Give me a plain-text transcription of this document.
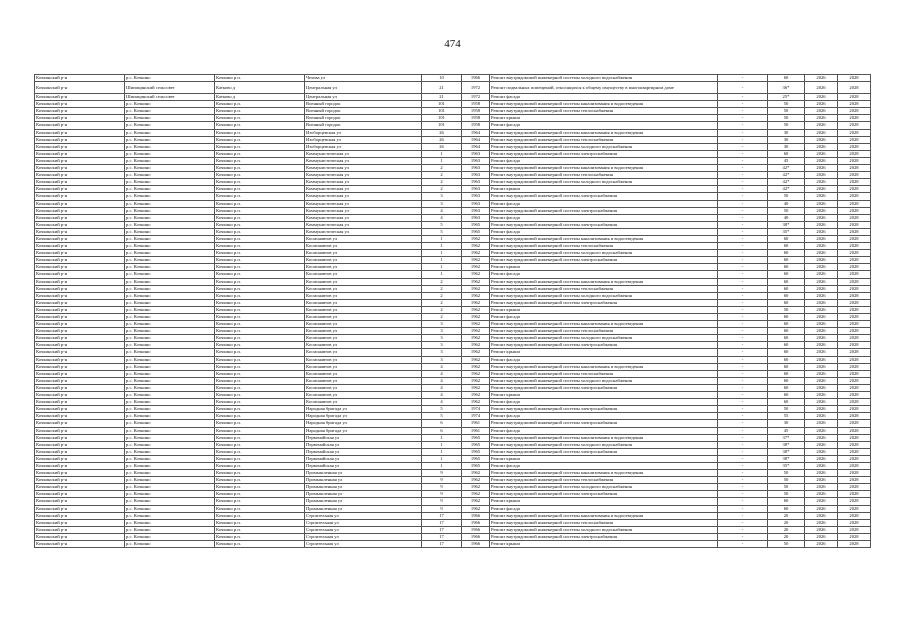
474
Кочкинский р-н	р.с. Кочкино	Кочкино р.п.	Чехова ул	10	1966	Ремонт внутридомовой инженерной системы холодного водоснабжения	-	60	2026	2028
Кочкинский р-н	Шипицинский сельсовет	Катково д	Центральная ул	21	1972	Ремонт подвальных помещений, относящихся к общему имуществу в многоквартирном доме	-	36*	2026	2028
Кочкинский р-н	Шипицинский сельсовет	Катково д	Центральная ул	21	1972	Ремонт фасада	-	25*	2026	2028
Кочкинский р-н	р.с. Кочкино	Кочкино р.п.	Военный городок	101	1958	Ремонт внутридомовой инженерной системы канализования и водоотведения	-	50	2026	2028
Кочкинский р-н	р.с. Кочкино	Кочкино р.п.	Военный городок	101	1958	Ремонт внутридомовой инженерной системы теплоснабжения	-	50	2026	2028
Кочкинский р-н	р.с. Кочкино	Кочкино р.п.	Военный городок	101	1958	Ремонт крыши	-	50	2026	2028
Кочкинский р-н	р.с. Кочкино	Кочкино р.п.	Военный городок	101	1958	Ремонт фасада	-	50	2026	2028
Кочкинский р-н	р.с. Кочкино	Кочкино р.п.	Изоборцевская ул	26	1964	Ремонт внутридомовой инженерной системы канализования и водоотведения	-	30	2026	2028
Кочкинский р-н	р.с. Кочкино	Кочкино р.п.	Изоборцевская ул	26	1964	Ремонт внутридомовой инженерной системы теплоснабжения	-	30	2026	2028
Кочкинский р-н	р.с. Кочкино	Кочкино р.п.	Изоборцевская ул	26	1964	Ремонт внутридомовой инженерной системы холодного водоснабжения	-	30	2026	2028
Кочкинский р-н	р.с. Кочкино	Кочкино р.п.	Коммунистическая ул	1	1963	Ремонт внутридомовой инженерной системы электроснабжения	-	60	2026	2028
Кочкинский р-н	р.с. Кочкино	Кочкино р.п.	Коммунистическая ул	1	1963	Ремонт фасада	-	45	2026	2028
Кочкинский р-н	р.с. Кочкино	Кочкино р.п.	Коммунистическая ул	2	1963	Ремонт внутридомовой инженерной системы канализования и водоотведения	-	42*	2026	2028
Кочкинский р-н	р.с. Кочкино	Кочкино р.п.	Коммунистическая ул	2	1963	Ремонт внутридомовой инженерной системы теплоснабжения	-	42*	2026	2028
Кочкинский р-н	р.с. Кочкино	Кочкино р.п.	Коммунистическая ул	2	1963	Ремонт внутридомовой инженерной системы холодного водоснабжения	-	42*	2026	2028
Кочкинский р-н	р.с. Кочкино	Кочкино р.п.	Коммунистическая ул	2	1963	Ремонт крыши	-	42*	2026	2028
Кочкинский р-н	р.с. Кочкино	Кочкино р.п.	Коммунистическая ул	3	1963	Ремонт внутридомовой инженерной системы электроснабжения	-	50	2026	2028
Кочкинский р-н	р.с. Кочкино	Кочкино р.п.	Коммунистическая ул	3	1963	Ремонт фасада	-	40	2026	2028
Кочкинский р-н	р.с. Кочкино	Кочкино р.п.	Коммунистическая ул	4	1963	Ремонт внутридомовой инженерной системы электроснабжения	-	50	2026	2028
Кочкинский р-н	р.с. Кочкино	Кочкино р.п.	Коммунистическая ул	4	1963	Ремонт фасада	-	40	2026	2028
Кочкинский р-н	р.с. Кочкино	Кочкино р.п.	Коммунистическая ул	5	1965	Ремонт внутридомовой инженерной системы электроснабжения	-	38*	2026	2028
Кочкинский р-н	р.с. Кочкино	Кочкино р.п.	Коммунистическая ул	5	1965	Ремонт фасада	-	35*	2026	2028
Кочкинский р-н	р.с. Кочкино	Кочкино р.п.	Космонавтов ул	1	1962	Ремонт внутридомовой инженерной системы канализования и водоотведения	-	60	2026	2028
Кочкинский р-н	р.с. Кочкино	Кочкино р.п.	Космонавтов ул	1	1962	Ремонт внутридомовой инженерной системы теплоснабжения	-	60	2026	2028
Кочкинский р-н	р.с. Кочкино	Кочкино р.п.	Космонавтов ул	1	1962	Ремонт внутридомовой инженерной системы холодного водоснабжения	-	60	2026	2028
Кочкинский р-н	р.с. Кочкино	Кочкино р.п.	Космонавтов ул	1	1962	Ремонт внутридомовой инженерной системы электроснабжения	-	60	2026	2028
Кочкинский р-н	р.с. Кочкино	Кочкино р.п.	Космонавтов ул	1	1962	Ремонт крыши	-	60	2026	2028
Кочкинский р-н	р.с. Кочкино	Кочкино р.п.	Космонавтов ул	1	1962	Ремонт фасада	-	60	2026	2028
Кочкинский р-н	р.с. Кочкино	Кочкино р.п.	Космонавтов ул	2	1962	Ремонт внутридомовой инженерной системы канализования и водоотведения	-	60	2026	2028
Кочкинский р-н	р.с. Кочкино	Кочкино р.п.	Космонавтов ул	2	1962	Ремонт внутридомовой инженерной системы теплоснабжения	-	60	2026	2028
Кочкинский р-н	р.с. Кочкино	Кочкино р.п.	Космонавтов ул	2	1962	Ремонт внутридомовой инженерной системы холодного водоснабжения	-	60	2026	2028
Кочкинский р-н	р.с. Кочкино	Кочкино р.п.	Космонавтов ул	2	1962	Ремонт внутридомовой инженерной системы электроснабжения	-	60	2026	2028
Кочкинский р-н	р.с. Кочкино	Кочкино р.п.	Космонавтов ул	2	1962	Ремонт крыши	-	50	2026	2028
Кочкинский р-н	р.с. Кочкино	Кочкино р.п.	Космонавтов ул	2	1962	Ремонт фасада	-	60	2026	2028
Кочкинский р-н	р.с. Кочкино	Кочкино р.п.	Космонавтов ул	3	1962	Ремонт внутридомовой инженерной системы канализования и водоотведения	-	60	2026	2028
Кочкинский р-н	р.с. Кочкино	Кочкино р.п.	Космонавтов ул	3	1962	Ремонт внутридомовой инженерной системы теплоснабжения	-	60	2026	2028
Кочкинский р-н	р.с. Кочкино	Кочкино р.п.	Космонавтов ул	3	1962	Ремонт внутридомовой инженерной системы холодного водоснабжения	-	60	2026	2028
Кочкинский р-н	р.с. Кочкино	Кочкино р.п.	Космонавтов ул	3	1962	Ремонт внутридомовой инженерной системы электроснабжения	-	60	2026	2028
Кочкинский р-н	р.с. Кочкино	Кочкино р.п.	Космонавтов ул	3	1962	Ремонт крыши	-	60	2026	2028
Кочкинский р-н	р.с. Кочкино	Кочкино р.п.	Космонавтов ул	3	1962	Ремонт фасада	-	60	2026	2028
Кочкинский р-н	р.с. Кочкино	Кочкино р.п.	Космонавтов ул	4	1962	Ремонт внутридомовой инженерной системы канализования и водоотведения	-	60	2026	2028
Кочкинский р-н	р.с. Кочкино	Кочкино р.п.	Космонавтов ул	4	1962	Ремонт внутридомовой инженерной системы теплоснабжения	-	60	2026	2028
Кочкинский р-н	р.с. Кочкино	Кочкино р.п.	Космонавтов ул	4	1962	Ремонт внутридомовой инженерной системы холодного водоснабжения	-	60	2026	2028
Кочкинский р-н	р.с. Кочкино	Кочкино р.п.	Космонавтов ул	4	1962	Ремонт внутридомовой инженерной системы электроснабжения	-	60	2026	2028
Кочкинский р-н	р.с. Кочкино	Кочкино р.п.	Космонавтов ул	4	1962	Ремонт крыши	-	60	2026	2028
Кочкинский р-н	р.с. Кочкино	Кочкино р.п.	Космонавтов ул	4	1962	Ремонт фасада	-	60	2026	2028
Кочкинский р-н	р.с. Кочкино	Кочкино р.п.	Народная бригада ул	5	1974	Ремонт внутридомовой инженерной системы электроснабжения	-	50	2026	2028
Кочкинский р-н	р.с. Кочкино	Кочкино р.п.	Народная бригада ул	5	1974	Ремонт фасада	-	55	2026	2028
Кочкинский р-н	р.с. Кочкино	Кочкино р.п.	Народная бригада ул	6	1961	Ремонт внутридомовой инженерной системы электроснабжения	-	30	2026	2028
Кочкинский р-н	р.с. Кочкино	Кочкино р.п.	Народная бригада ул	6	1961	Ремонт фасада	-	45	2026	2028
Кочкинский р-н	р.с. Кочкино	Кочкино р.п.	Первомайская ул	1	1965	Ремонт внутридомовой инженерной системы канализования и водоотведения	-	37*	2026	2028
Кочкинский р-н	р.с. Кочкино	Кочкино р.п.	Первомайская ул	1	1965	Ремонт внутридомовой инженерной системы холодного водоснабжения	-	38*	2026	2028
Кочкинский р-н	р.с. Кочкино	Кочкино р.п.	Первомайская ул	1	1965	Ремонт внутридомовой инженерной системы электроснабжения	-	38*	2026	2028
Кочкинский р-н	р.с. Кочкино	Кочкино р.п.	Первомайская ул	1	1965	Ремонт крыши	-	38*	2026	2028
Кочкинский р-н	р.с. Кочкино	Кочкино р.п.	Первомайская ул	1	1965	Ремонт фасада	-	35*	2026	2028
Кочкинский р-н	р.с. Кочкино	Кочкино р.п.	Промышленная ул	9	1962	Ремонт внутридомовой инженерной системы канализования и водоотведения	-	50	2026	2028
Кочкинский р-н	р.с. Кочкино	Кочкино р.п.	Промышленная ул	9	1962	Ремонт внутридомовой инженерной системы теплоснабжения	-	50	2026	2028
Кочкинский р-н	р.с. Кочкино	Кочкино р.п.	Промышленная ул	9	1962	Ремонт внутридомовой инженерной системы холодного водоснабжения	-	50	2026	2028
Кочкинский р-н	р.с. Кочкино	Кочкино р.п.	Промышленная ул	9	1962	Ремонт внутридомовой инженерной системы электроснабжения	-	50	2026	2028
Кочкинский р-н	р.с. Кочкино	Кочкино р.п.	Промышленная ул	9	1962	Ремонт крыши	-	60	2026	2028
Кочкинский р-н	р.с. Кочкино	Кочкино р.п.	Промышленная ул	9	1962	Ремонт фасада	-	60	2026	2028
Кочкинский р-н	р.с. Кочкино	Кочкино р.п.	Строительная ул	17	1966	Ремонт внутридомовой инженерной системы канализования и водоотведения	-	20	2026	2028
Кочкинский р-н	р.с. Кочкино	Кочкино р.п.	Строительная ул	17	1966	Ремонт внутридомовой инженерной системы теплоснабжения	-	20	2026	2028
Кочкинский р-н	р.с. Кочкино	Кочкино р.п.	Строительная ул	17	1966	Ремонт внутридомовой инженерной системы холодного водоснабжения	-	20	2026	2028
Кочкинский р-н	р.с. Кочкино	Кочкино р.п.	Строительная ул	17	1966	Ремонт внутридомовой инженерной системы электроснабжения	-	20	2026	2028
Кочкинский р-н	р.с. Кочкино	Кочкино р.п.	Строительная ул	17	1966	Ремонт крыши	-	50	2026	2028
